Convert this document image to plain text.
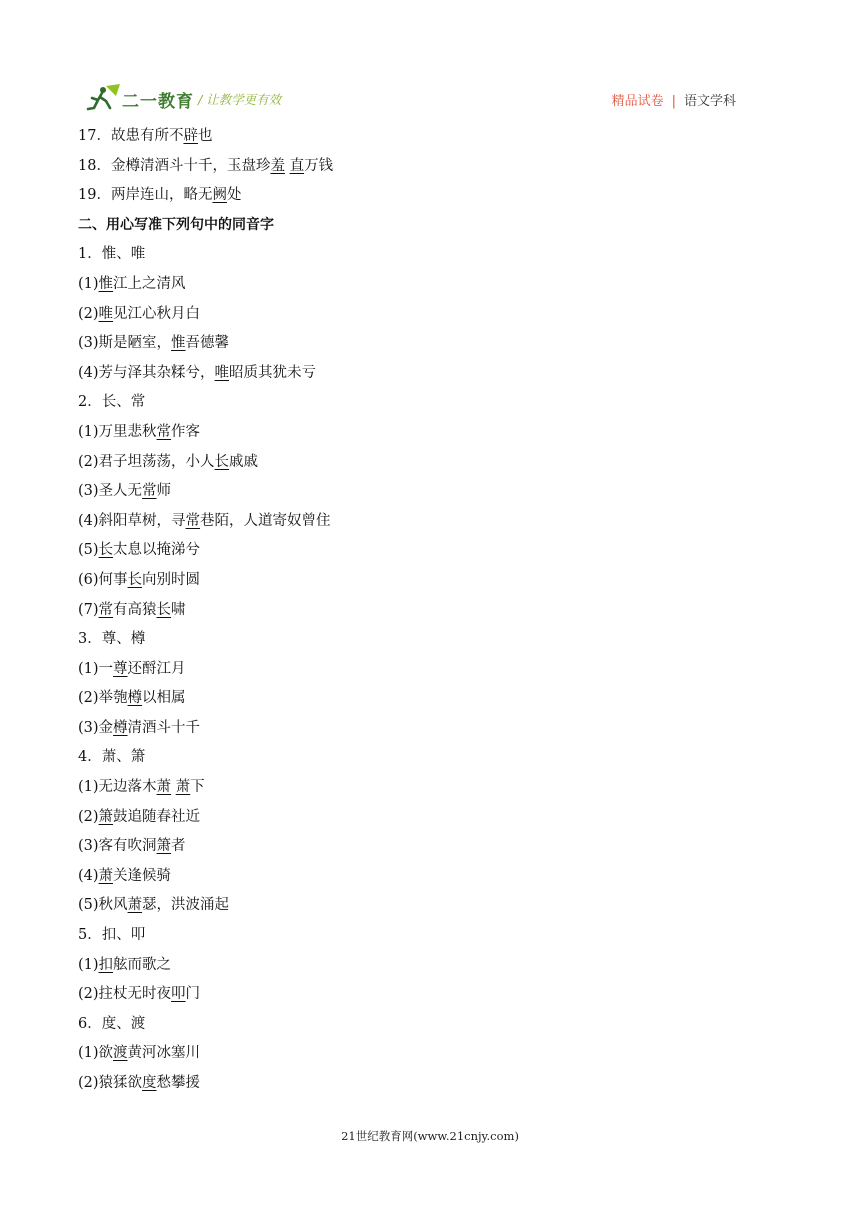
二一教育 / 让教学更有效	精品试卷 | 语文学科
17．故患有所不辟也
18．金樽清酒斗十千，玉盘珍羞 直万钱
19．两岸连山，略无阙处
二、用心写准下列句中的同音字
1．惟、唯
(1)惟江上之清风
(2)唯见江心秋月白
(3)斯是陋室，惟吾德馨
(4)芳与泽其杂糅兮，唯昭质其犹未亏
2．长、常
(1)万里悲秋常作客
(2)君子坦荡荡，小人长戚戚
(3)圣人无常师
(4)斜阳草树，寻常巷陌，人道寄奴曾住
(5)长太息以掩涕兮
(6)何事长向别时圆
(7)常有高猿长啸
3．尊、樽
(1)一尊还酹江月
(2)举匏樽以相属
(3)金樽清酒斗十千
4．萧、箫
(1)无边落木萧 萧下
(2)箫鼓追随春社近
(3)客有吹洞箫者
(4)萧关逢候骑
(5)秋风萧瑟，洪波涌起
5．扣、叩
(1)扣舷而歌之
(2)拄杖无时夜叩门
6．度、渡
(1)欲渡黄河冰塞川
(2)猿猱欲度愁攀援
21世纪教育网(www.21cnjy.com)
